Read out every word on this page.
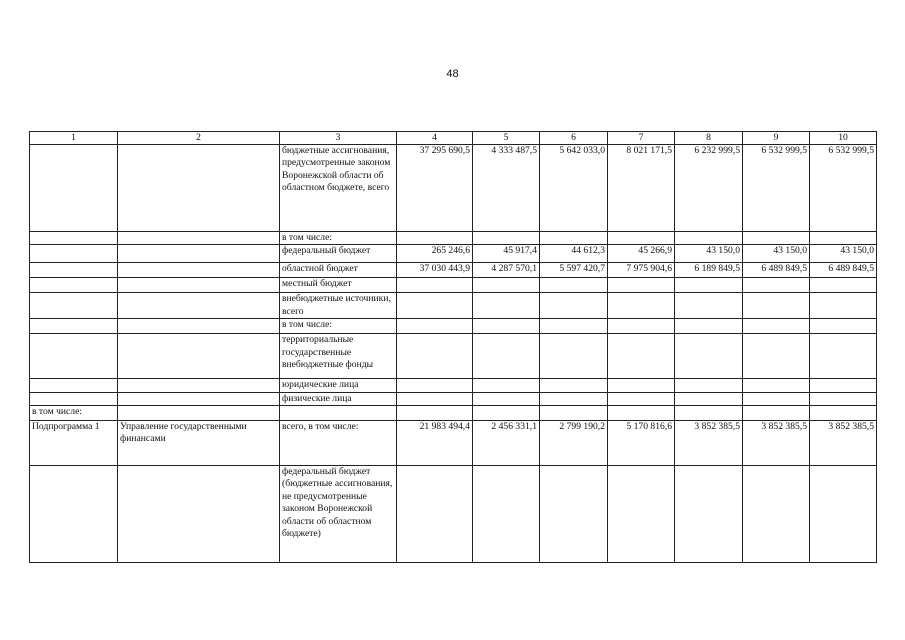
48
1	2	3	4	5	6	7	8	9	10
		бюджетные ассигнования, предусмотренные законом Воронежской области об областном бюджете, всего	37 295 690,5	4 333 487,5	5 642 033,0	8 021 171,5	6 232 999,5	6 532 999,5	6 532 999,5
		в том числе:							
		федеральный бюджет	265 246,6	45 917,4	44 612,3	45 266,9	43 150,0	43 150,0	43 150,0
		областной бюджет	37 030 443,9	4 287 570,1	5 597 420,7	7 975 904,6	6 189 849,5	6 489 849,5	6 489 849,5
		местный бюджет							
		внебюджетные источники, всего							
		в том числе:							
		территориальные государственные внебюджетные фонды							
		юридические лица							
		физические лица							
в том числе:									
Подпрограмма 1	Управление государственными финансами	всего, в том числе:	21 983 494,4	2 456 331,1	2 799 190,2	5 170 816,6	3 852 385,5	3 852 385,5	3 852 385,5
		федеральный бюджет (бюджетные ассигнования, не предусмотренные законом Воронежской области об областном бюджете)							
